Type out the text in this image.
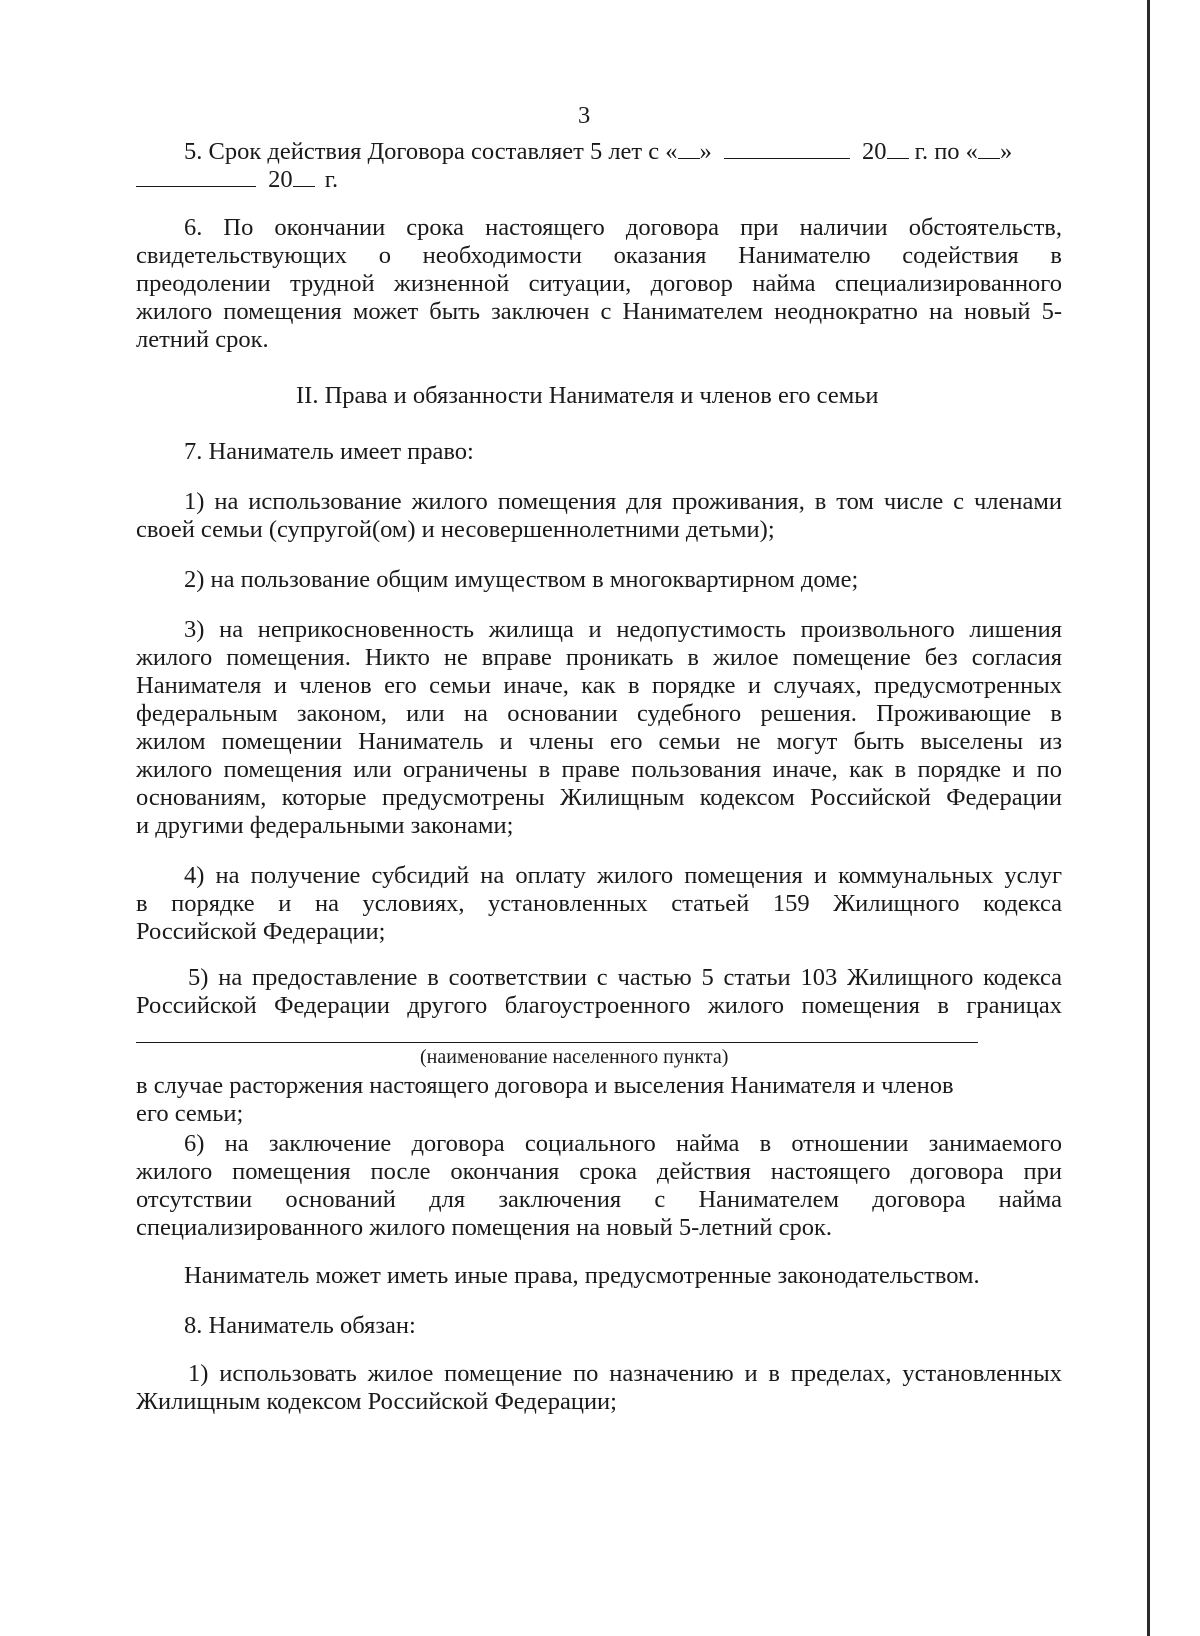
3
5. Срок действия Договора составляет 5 лет с « »	20 г. по « »
20 г.
6. По окончании срока настоящего договора при наличии обстоятельств,
свидетельствующих о необходимости оказания Нанимателю содействия в
преодолении трудной жизненной ситуации, договор найма специализированного
жилого помещения может быть заключен с Нанимателем неоднократно на новый 5-
летний срок.
II. Права и обязанности Нанимателя и членов его семьи
7. Наниматель имеет право:
1) на использование жилого помещения для проживания, в том числе с членами
своей семьи (супругой(ом) и несовершеннолетними детьми);
2) на пользование общим имуществом в многоквартирном доме;
3) на неприкосновенность жилища и недопустимость произвольного лишения
жилого помещения. Никто не вправе проникать в жилое помещение без согласия
Нанимателя и членов его семьи иначе, как в порядке и случаях, предусмотренных
федеральным законом, или на основании судебного решения. Проживающие в
жилом помещении Наниматель и члены его семьи не могут быть выселены из
жилого помещения или ограничены в праве пользования иначе, как в порядке и по
основаниям, которые предусмотрены Жилищным кодексом Российской Федерации
и другими федеральными законами;
4) на получение субсидий на оплату жилого помещения и коммунальных услуг
в порядке и на условиях, установленных статьей 159 Жилищного кодекса
Российской Федерации;
5) на предоставление в соответствии с частью 5 статьи 103 Жилищного кодекса
Российской Федерации другого благоустроенного жилого помещения в границах
(наименование населенного пункта)
в случае расторжения настоящего договора и выселения Нанимателя и членов
его семьи;
6) на заключение договора социального найма в отношении занимаемого
жилого помещения после окончания срока действия настоящего договора при
отсутствии оснований для заключения с Нанимателем договора найма
специализированного жилого помещения на новый 5-летний срок.
Наниматель может иметь иные права, предусмотренные законодательством.
8. Наниматель обязан:
1) использовать жилое помещение по назначению и в пределах, установленных
Жилищным кодексом Российской Федерации;
